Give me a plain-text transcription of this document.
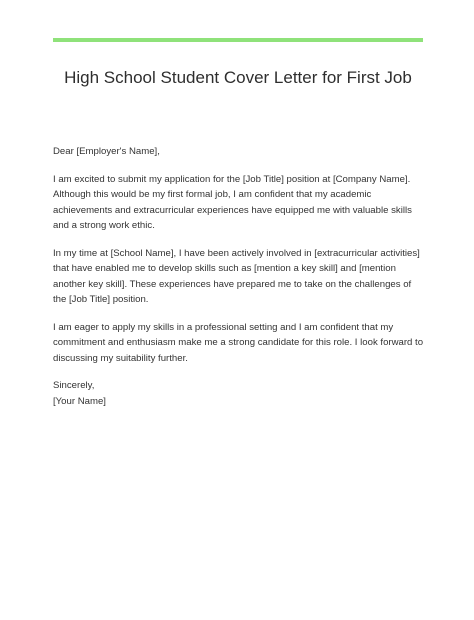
High School Student Cover Letter for First Job

Dear [Employer's Name],

I am excited to submit my application for the [Job Title] position at [Company Name]. Although this would be my first formal job, I am confident that my academic achievements and extracurricular experiences have equipped me with valuable skills and a strong work ethic.

In my time at [School Name], I have been actively involved in [extracurricular activities] that have enabled me to develop skills such as [mention a key skill] and [mention another key skill]. These experiences have prepared me to take on the challenges of the [Job Title] position.

I am eager to apply my skills in a professional setting and I am confident that my commitment and enthusiasm make me a strong candidate for this role. I look forward to discussing my suitability further.

Sincerely,
[Your Name]
